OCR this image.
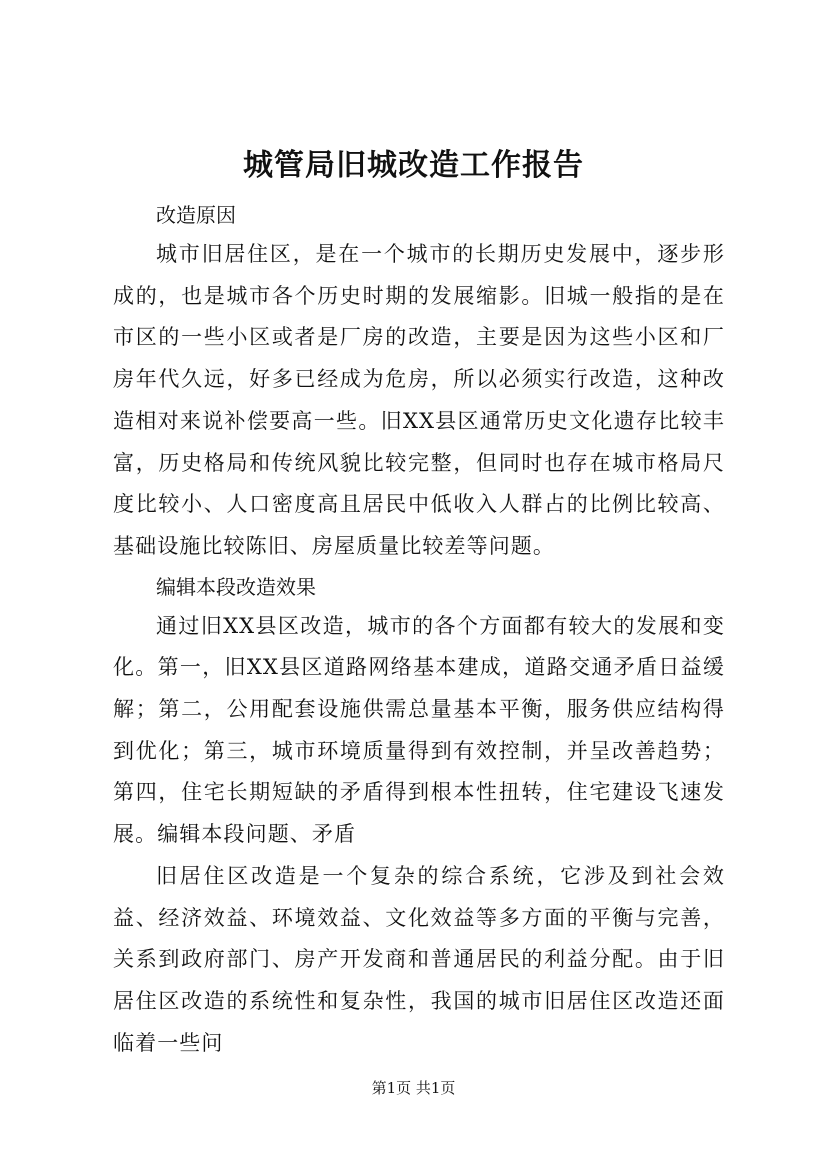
城管局旧城改造工作报告

改造原因

城市旧居住区，是在一个城市的长期历史发展中，逐步形成的，也是城市各个历史时期的发展缩影。旧城一般指的是在市区的一些小区或者是厂房的改造，主要是因为这些小区和厂房年代久远，好多已经成为危房，所以必须实行改造，这种改造相对来说补偿要高一些。旧XX县区通常历史文化遗存比较丰富，历史格局和传统风貌比较完整，但同时也存在城市格局尺度比较小、人口密度高且居民中低收入人群占的比例比较高、基础设施比较陈旧、房屋质量比较差等问题。

编辑本段改造效果

通过旧XX县区改造，城市的各个方面都有较大的发展和变化。第一，旧XX县区道路网络基本建成，道路交通矛盾日益缓解；第二，公用配套设施供需总量基本平衡，服务供应结构得到优化；第三，城市环境质量得到有效控制，并呈改善趋势；第四，住宅长期短缺的矛盾得到根本性扭转，住宅建设飞速发展。编辑本段问题、矛盾

旧居住区改造是一个复杂的综合系统，它涉及到社会效益、经济效益、环境效益、文化效益等多方面的平衡与完善，关系到政府部门、房产开发商和普通居民的利益分配。由于旧居住区改造的系统性和复杂性，我国的城市旧居住区改造还面临着一些问

第1页 共1页
